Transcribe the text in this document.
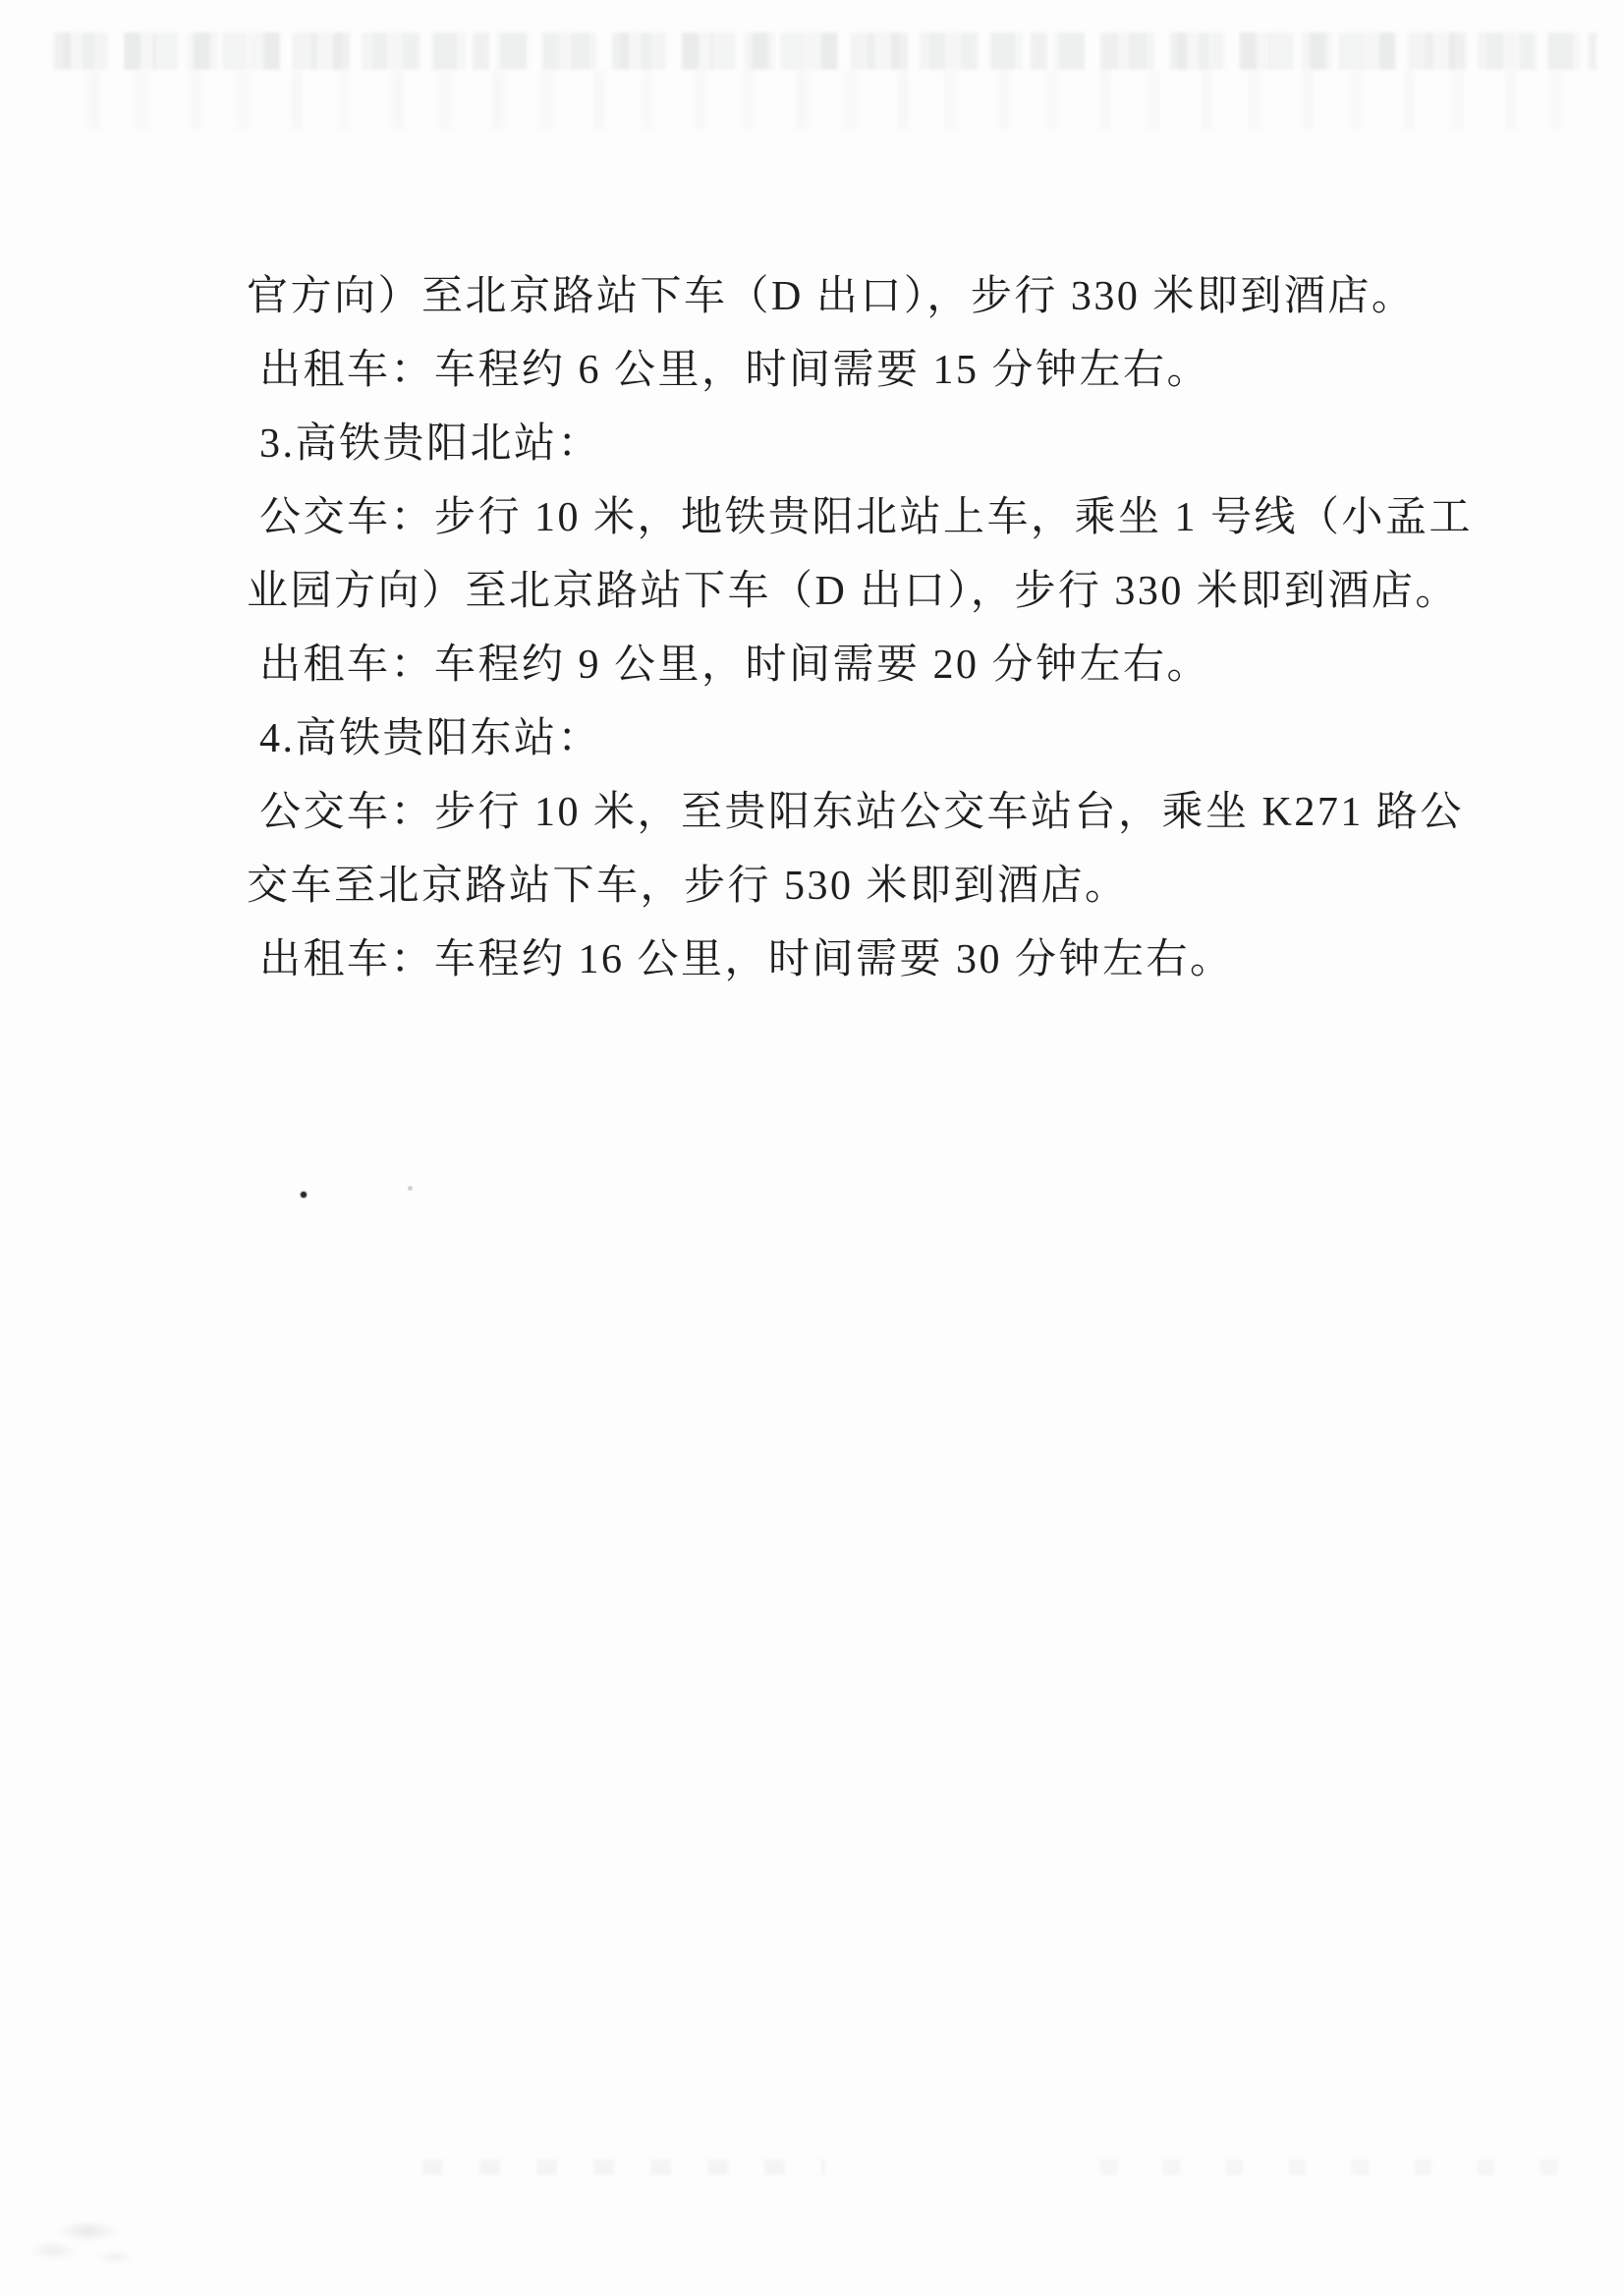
官方向）至北京路站下车（D 出口），步行 330 米即到酒店。
出租车：车程约 6 公里，时间需要 15 分钟左右。
3.高铁贵阳北站：
公交车：步行 10 米，地铁贵阳北站上车，乘坐 1 号线（小孟工
业园方向）至北京路站下车（D 出口），步行 330 米即到酒店。
出租车：车程约 9 公里，时间需要 20 分钟左右。
4.高铁贵阳东站：
公交车：步行 10 米，至贵阳东站公交车站台，乘坐 K271 路公
交车至北京路站下车，步行 530 米即到酒店。
出租车：车程约 16 公里，时间需要 30 分钟左右。
